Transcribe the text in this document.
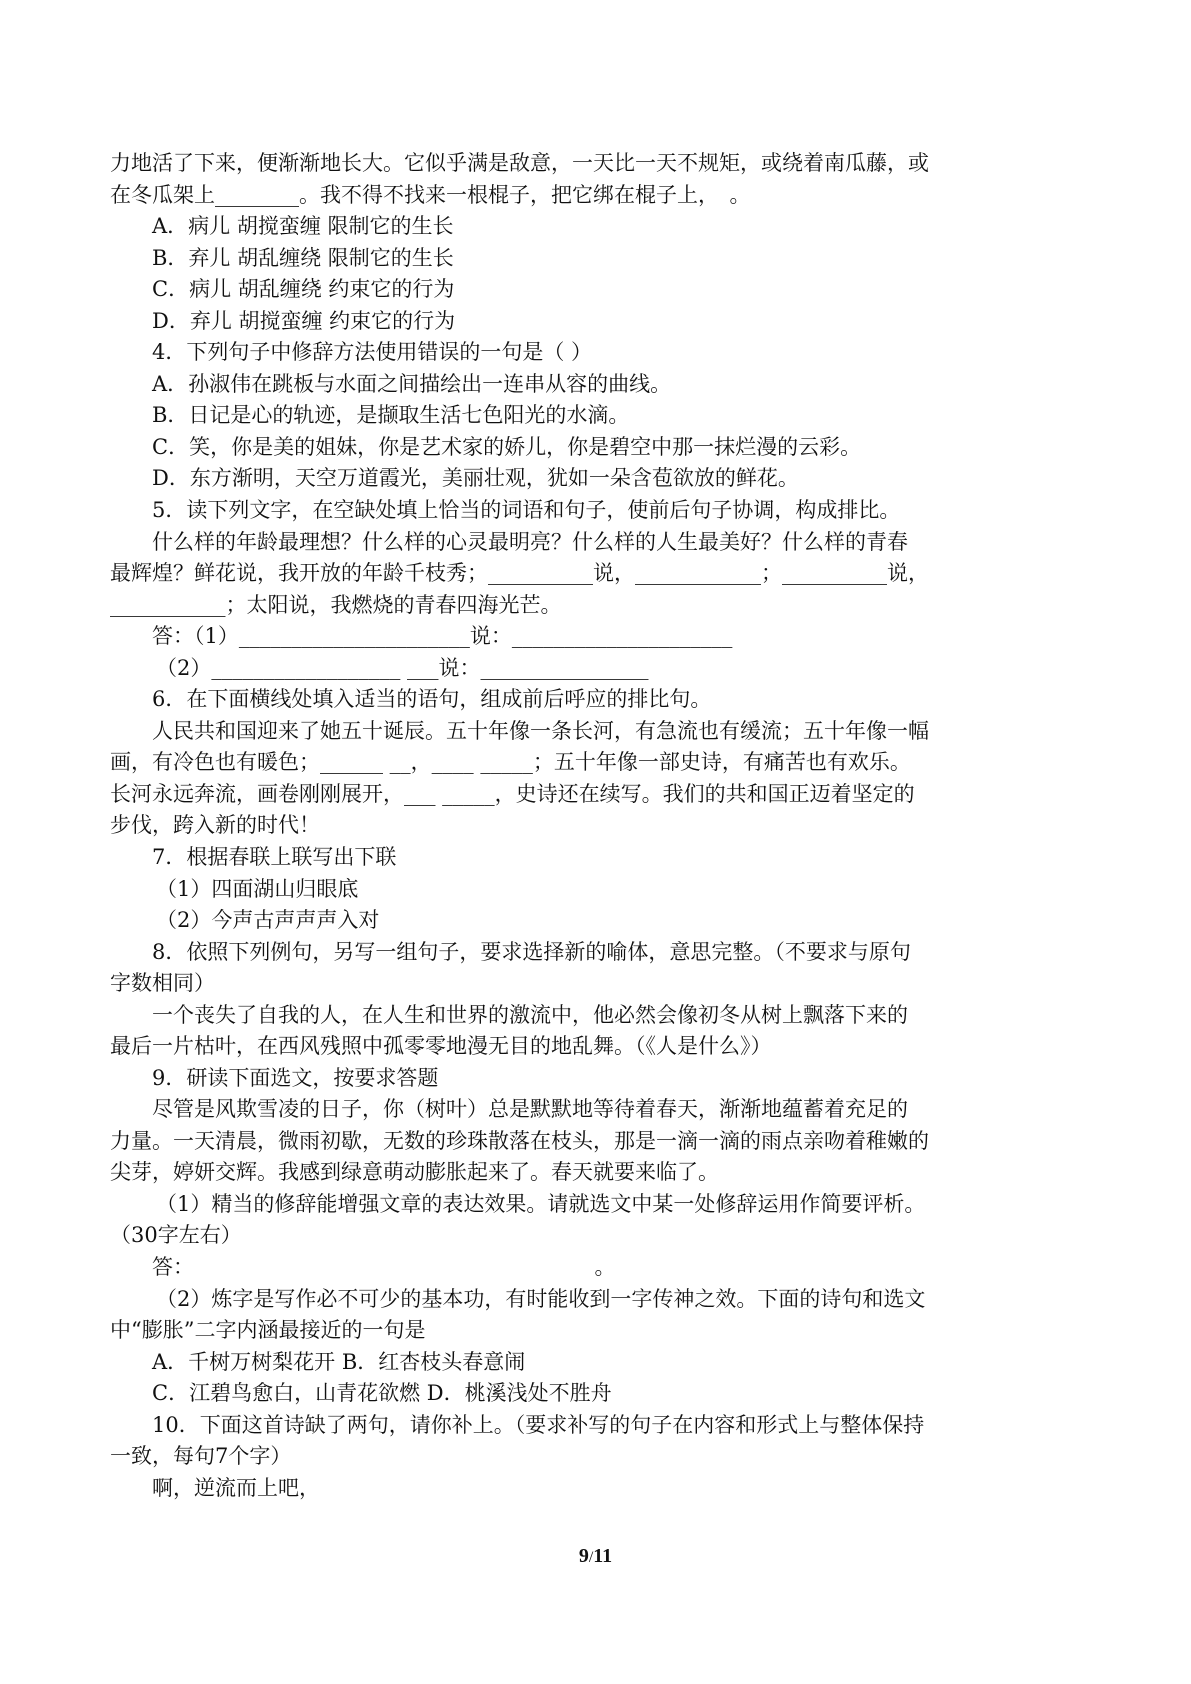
力地活了下来，便渐渐地长大。它似乎满是敌意，一天比一天不规矩，或绕着南瓜藤，或
在冬瓜架上________。我不得不找来一根棍子，把它绑在棍子上，　。
A．病儿 胡搅蛮缠 限制它的生长
B．弃儿 胡乱缠绕 限制它的生长
C．病儿 胡乱缠绕 约束它的行为
D．弃儿 胡搅蛮缠 约束它的行为
4．下列句子中修辞方法使用错误的一句是（ ）
A．孙淑伟在跳板与水面之间描绘出一连串从容的曲线。
B．日记是心的轨迹，是撷取生活七色阳光的水滴。
C．笑，你是美的姐妹，你是艺术家的娇儿，你是碧空中那一抹烂漫的云彩。
D．东方渐明，天空万道霞光，美丽壮观，犹如一朵含苞欲放的鲜花。
5．读下列文字，在空缺处填上恰当的词语和句子，使前后句子协调，构成排比。
什么样的年龄最理想？什么样的心灵最明亮？什么样的人生最美好？什么样的青春
最辉煌？鲜花说，我开放的年龄千枝秀；__________说，____________；__________说，
___________；太阳说，我燃烧的青春四海光芒。
答：（1）______________________说：_____________________
（2）__________________ ___说：________________
6．在下面横线处填入适当的语句，组成前后呼应的排比句。
人民共和国迎来了她五十诞辰。五十年像一条长河，有急流也有缓流；五十年像一幅
画，有冷色也有暖色；______ __，____ _____；五十年像一部史诗，有痛苦也有欢乐。
长河永远奔流，画卷刚刚展开，___ _____，史诗还在续写。我们的共和国正迈着坚定的
步伐，跨入新的时代！
7．根据春联上联写出下联
（1）四面湖山归眼底
（2）今声古声声声入对
8．依照下列例句，另写一组句子，要求选择新的喻体，意思完整。（不要求与原句
字数相同）
一个丧失了自我的人，在人生和世界的激流中，他必然会像初冬从树上飘落下来的
最后一片枯叶，在西风残照中孤零零地漫无目的地乱舞。（《人是什么》）
9．研读下面选文，按要求答题
尽管是风欺雪凌的日子，你（树叶）总是默默地等待着春天，渐渐地蕴蓄着充足的
力量。一天清晨，微雨初歇，无数的珍珠散落在枝头，那是一滴一滴的雨点亲吻着稚嫩的
尖芽，婷妍交辉。我感到绿意萌动膨胀起来了。春天就要来临了。
（1）精当的修辞能增强文章的表达效果。请就选文中某一处修辞运用作简要评析。
（30字左右）
答：                                                            。
（2）炼字是写作必不可少的基本功，有时能收到一字传神之效。下面的诗句和选文
中“膨胀”二字内涵最接近的一句是
A．千树万树梨花开 B．红杏枝头春意闹
C．江碧鸟愈白，山青花欲燃 D．桃溪浅处不胜舟
10．下面这首诗缺了两句，请你补上。（要求补写的句子在内容和形式上与整体保持
一致，每句7个字）
啊，逆流而上吧，
9/11
